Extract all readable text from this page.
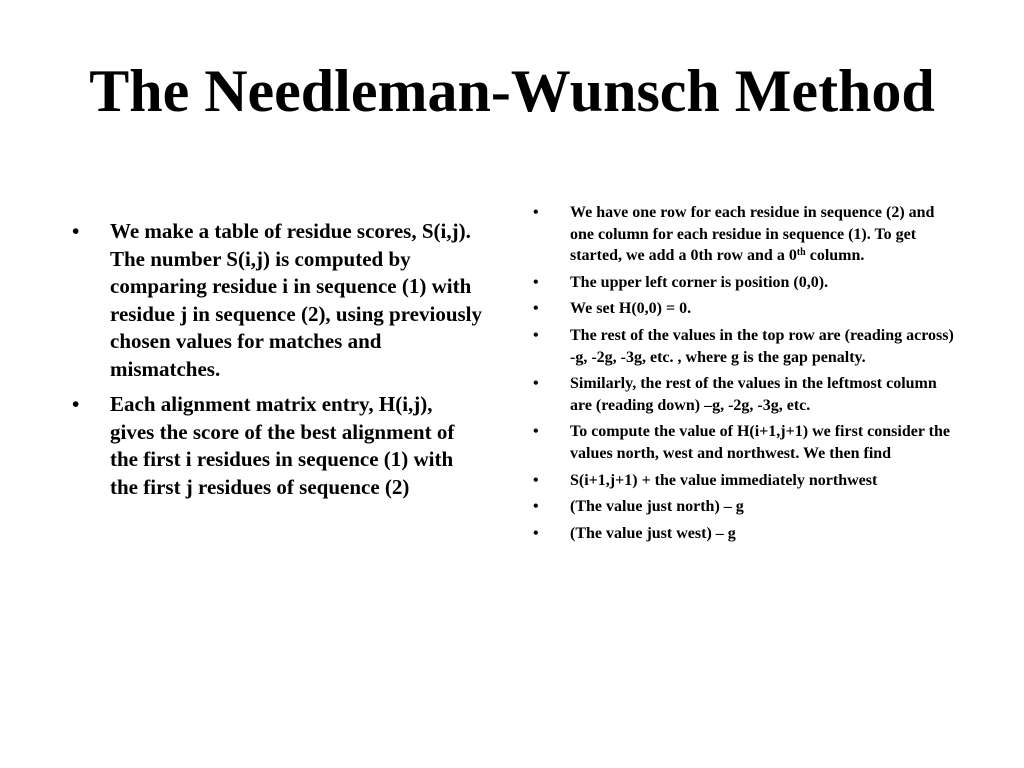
The Needleman-Wunsch Method
• We make a table of residue scores, S(i,j). The number S(i,j) is computed by comparing residue i in sequence (1) with residue j in sequence (2), using previously chosen values for matches and mismatches.
• Each alignment matrix entry, H(i,j), gives the score of the best alignment of the first i residues in sequence (1) with the first j residues of sequence (2)
• We have one row for each residue in sequence (2) and one column for each residue in sequence (1). To get started, we add a 0th row and a 0th column.
• The upper left corner is position (0,0).
• We set H(0,0) = 0.
• The rest of the values in the top row are (reading across) -g, -2g, -3g, etc. , where g is the gap penalty.
• Similarly, the rest of the values in the leftmost column are (reading down) –g, -2g, -3g, etc.
• To compute the value of H(i+1,j+1) we first consider the values north, west and northwest. We then find
• S(i+1,j+1) + the value immediately northwest
• (The value just north) – g
• (The value just west) – g
